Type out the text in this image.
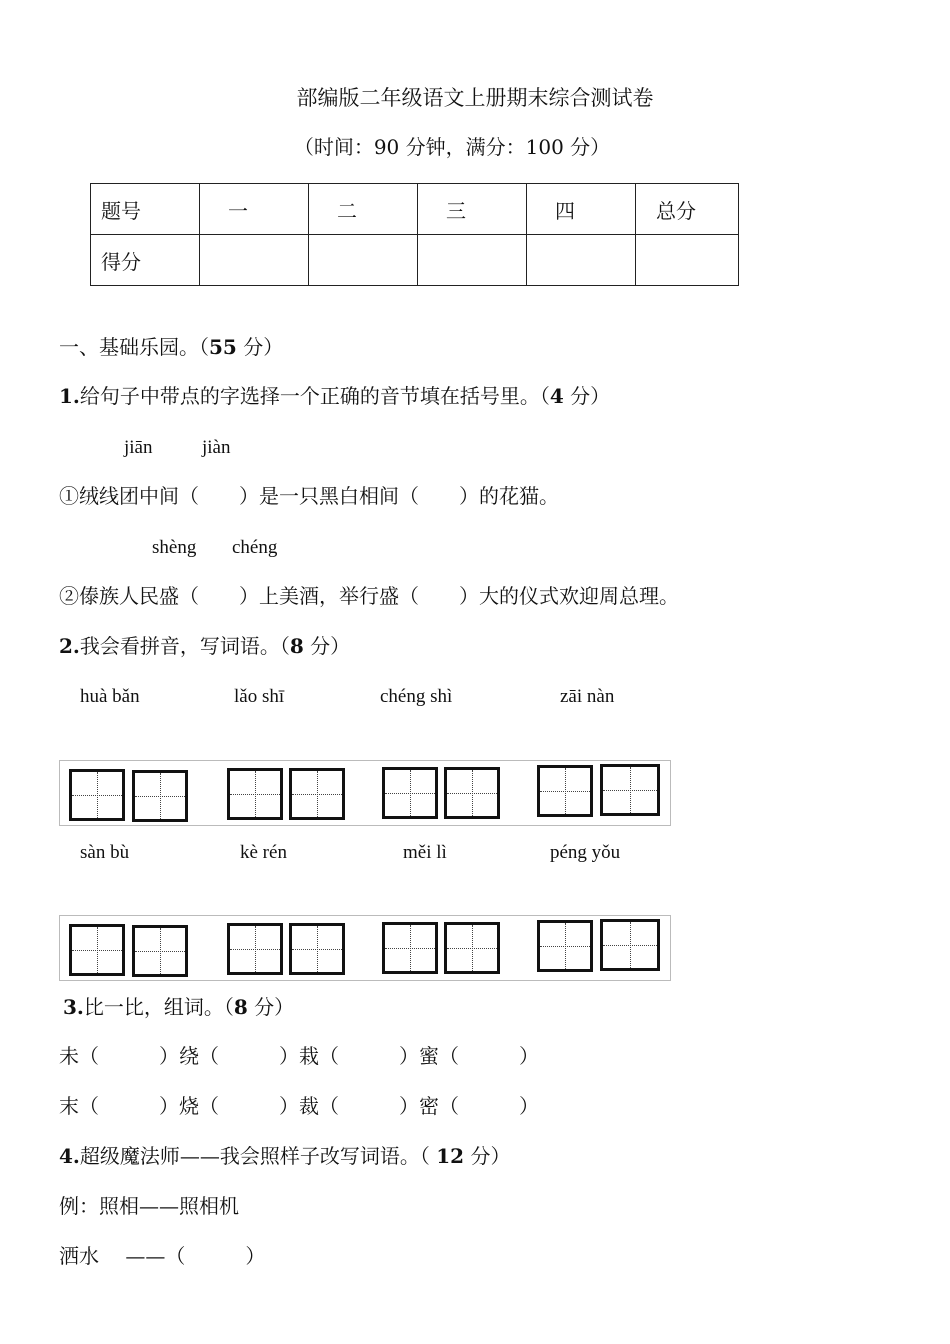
部编版二年级语文上册期末综合测试卷
（时间：90 分钟，满分：100 分）
题号	一	二	三	四	总分
得分					
一、基础乐园。（55 分）
1.给句子中带点的字选择一个正确的音节填在括号里。（4 分）
jiān	jiàn
①绒线团中间（　　）是一只黑白相间（　　）的花猫。
shèng chéng
②傣族人民盛（　　）上美酒，举行盛（　　）大的仪式欢迎周总理。
2.我会看拼音，写词语。（8 分）
huà bǎn	lǎo shī	chéng shì	zāi nàn
sàn bù	kè rén	měi lì	péng yǒu
3.比一比，组词。（8 分）
未（　　　）绕（　　　）栽（　　　）蜜（　　　）
末（　　　）烧（　　　）裁（　　　）密（　　　）
4.超级魔法师——我会照样子改写词语。（ 12 分）
例：照相——照相机
洒水　 ——（　　　）
